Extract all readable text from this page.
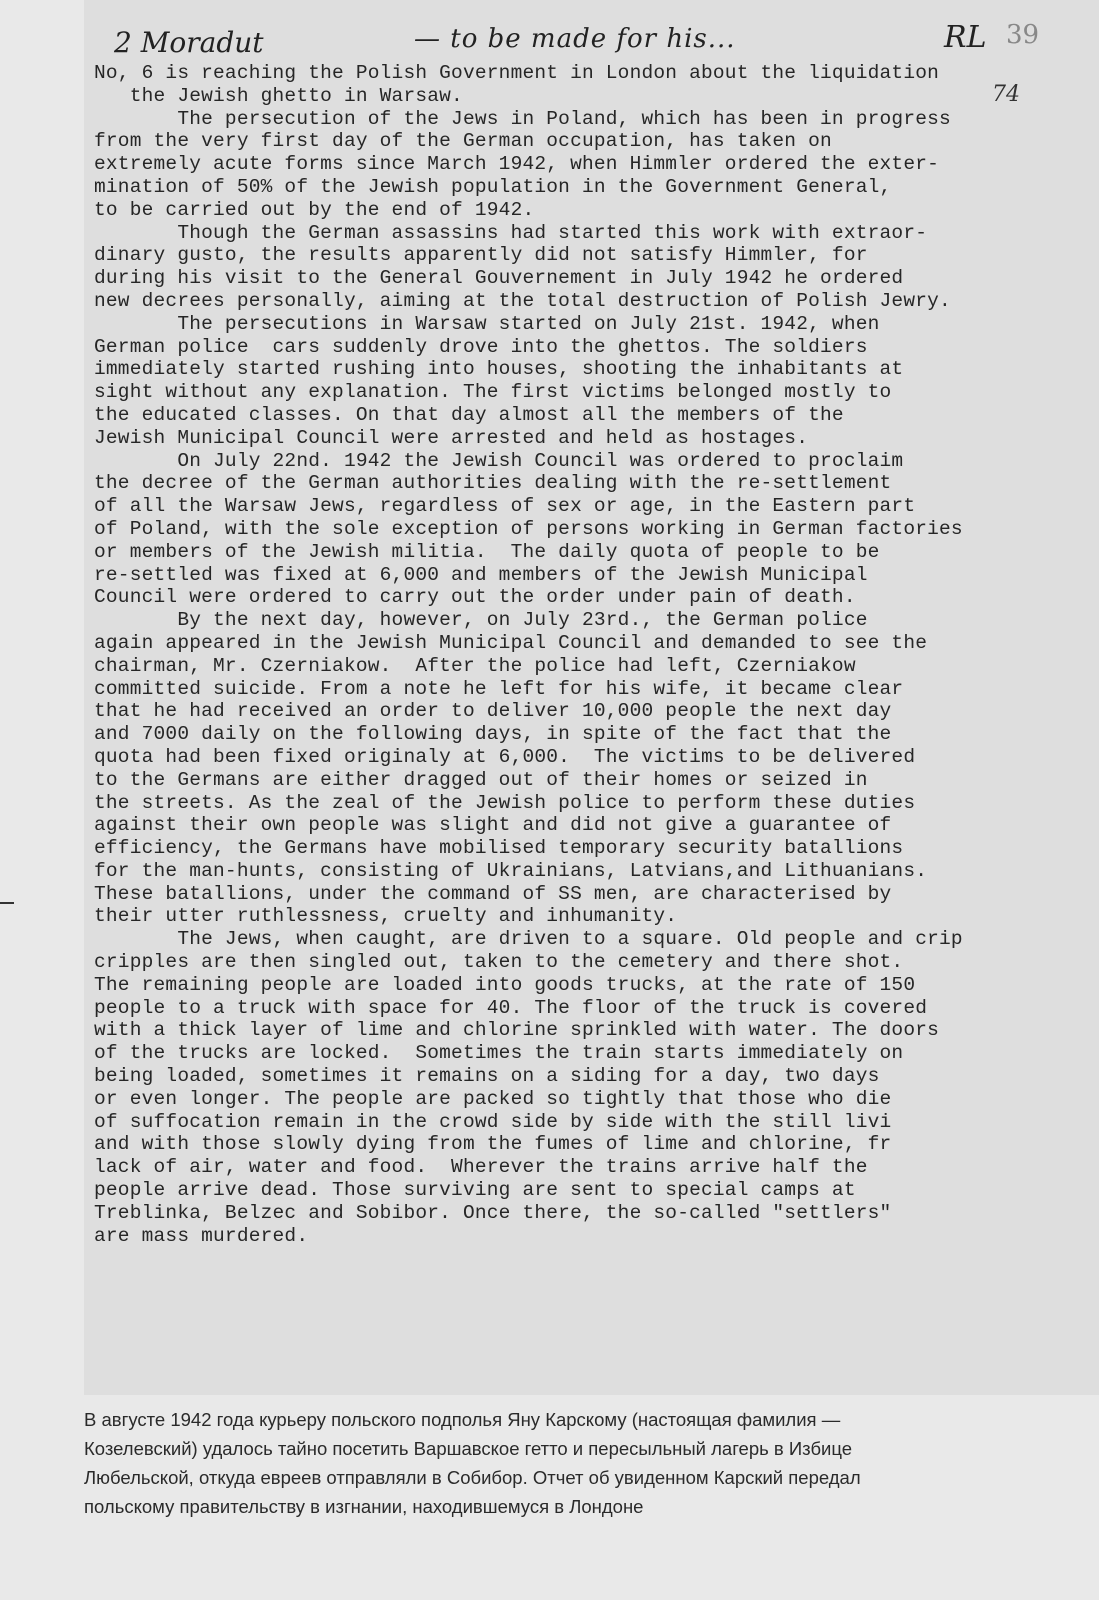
2 Moradut	— to be made for his...	RL 39
74

No, 6 is reaching the Polish Government in London about the liquidation

the Jewish ghetto in Warsaw.

The persecution of the Jews in Poland, which has been in progress

from the very first day of the German occupation, has taken on

extremely acute forms since March 1942, when Himmler ordered the exter-

mination of 50% of the Jewish population in the Government General,

to be carried out by the end of 1942.

Though the German assassins had started this work with extraor-

dinary gusto, the results apparently did not satisfy Himmler, for

during his visit to the General Gouvernement in July 1942 he ordered

new decrees personally, aiming at the total destruction of Polish Jewry.

The persecutions in Warsaw started on July 21st. 1942, when

German police  cars suddenly drove into the ghettos. The soldiers

immediately started rushing into houses, shooting the inhabitants at

sight without any explanation. The first victims belonged mostly to

the educated classes. On that day almost all the members of the

Jewish Municipal Council were arrested and held as hostages.

On July 22nd. 1942 the Jewish Council was ordered to proclaim

the decree of the German authorities dealing with the re-settlement

of all the Warsaw Jews, regardless of sex or age, in the Eastern part

of Poland, with the sole exception of persons working in German factories

or members of the Jewish militia.  The daily quota of people to be

re-settled was fixed at 6,000 and members of the Jewish Municipal

Council were ordered to carry out the order under pain of death.

By the next day, however, on July 23rd., the German police

again appeared in the Jewish Municipal Council and demanded to see the

chairman, Mr. Czerniakow.  After the police had left, Czerniakow

committed suicide. From a note he left for his wife, it became clear

that he had received an order to deliver 10,000 people the next day

and 7000 daily on the following days, in spite of the fact that the

quota had been fixed originaly at 6,000.  The victims to be delivered

to the Germans are either dragged out of their homes or seized in

the streets. As the zeal of the Jewish police to perform these duties

against their own people was slight and did not give a guarantee of

efficiency, the Germans have mobilised temporary security batallions

for the man-hunts, consisting of Ukrainians, Latvians,and Lithuanians.

These batallions, under the command of SS men, are characterised by

their utter ruthlessness, cruelty and inhumanity.

The Jews, when caught, are driven to a square. Old people and crip

cripples are then singled out, taken to the cemetery and there shot.

The remaining people are loaded into goods trucks, at the rate of 150

people to a truck with space for 40. The floor of the truck is covered

with a thick layer of lime and chlorine sprinkled with water. The doors

of the trucks are locked.  Sometimes the train starts immediately on

being loaded, sometimes it remains on a siding for a day, two days

or even longer. The people are packed so tightly that those who die

of suffocation remain in the crowd side by side with the still livi

and with those slowly dying from the fumes of lime and chlorine, fr

lack of air, water and food.  Wherever the trains arrive half the

people arrive dead. Those surviving are sent to special camps at

Treblinka, Belzec and Sobibor. Once there, the so-called "settlers"

are mass murdered.

В августе 1942 года курьеру польского подполья Яну Карскому (настоящая фамилия —

Козелевский) удалось тайно посетить Варшавское гетто и пересыльный лагерь в Избице

Любельской, откуда евреев отправляли в Собибор. Отчет об увиденном Карский передал

польскому правительству в изгнании, находившемуся в Лондоне
